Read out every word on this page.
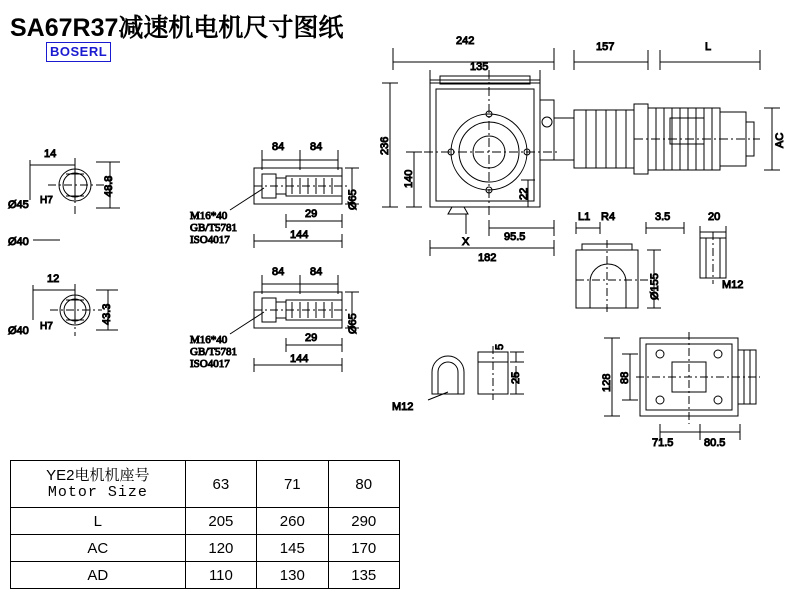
SA67R37减速机电机尺寸图纸
BOSERL
14
Ø45 H7
Ø40
48.8
12
Ø40 H7
43.3
84 84
29
144
Ø65
M16*40
GB/T5781
ISO4017
84 84
29
144
Ø65
M16*40
GB/T5781
ISO4017
242
135
157	L
AC
236
140
22
95.5
182
X
L1 R4	3.5	20
Ø155	M12
5
25
M12
128 88
71.5	80.5
YE2电机机座号
Motor Size	63	71	80
L	205	260	290
AC	120	145	170
AD	110	130	135
